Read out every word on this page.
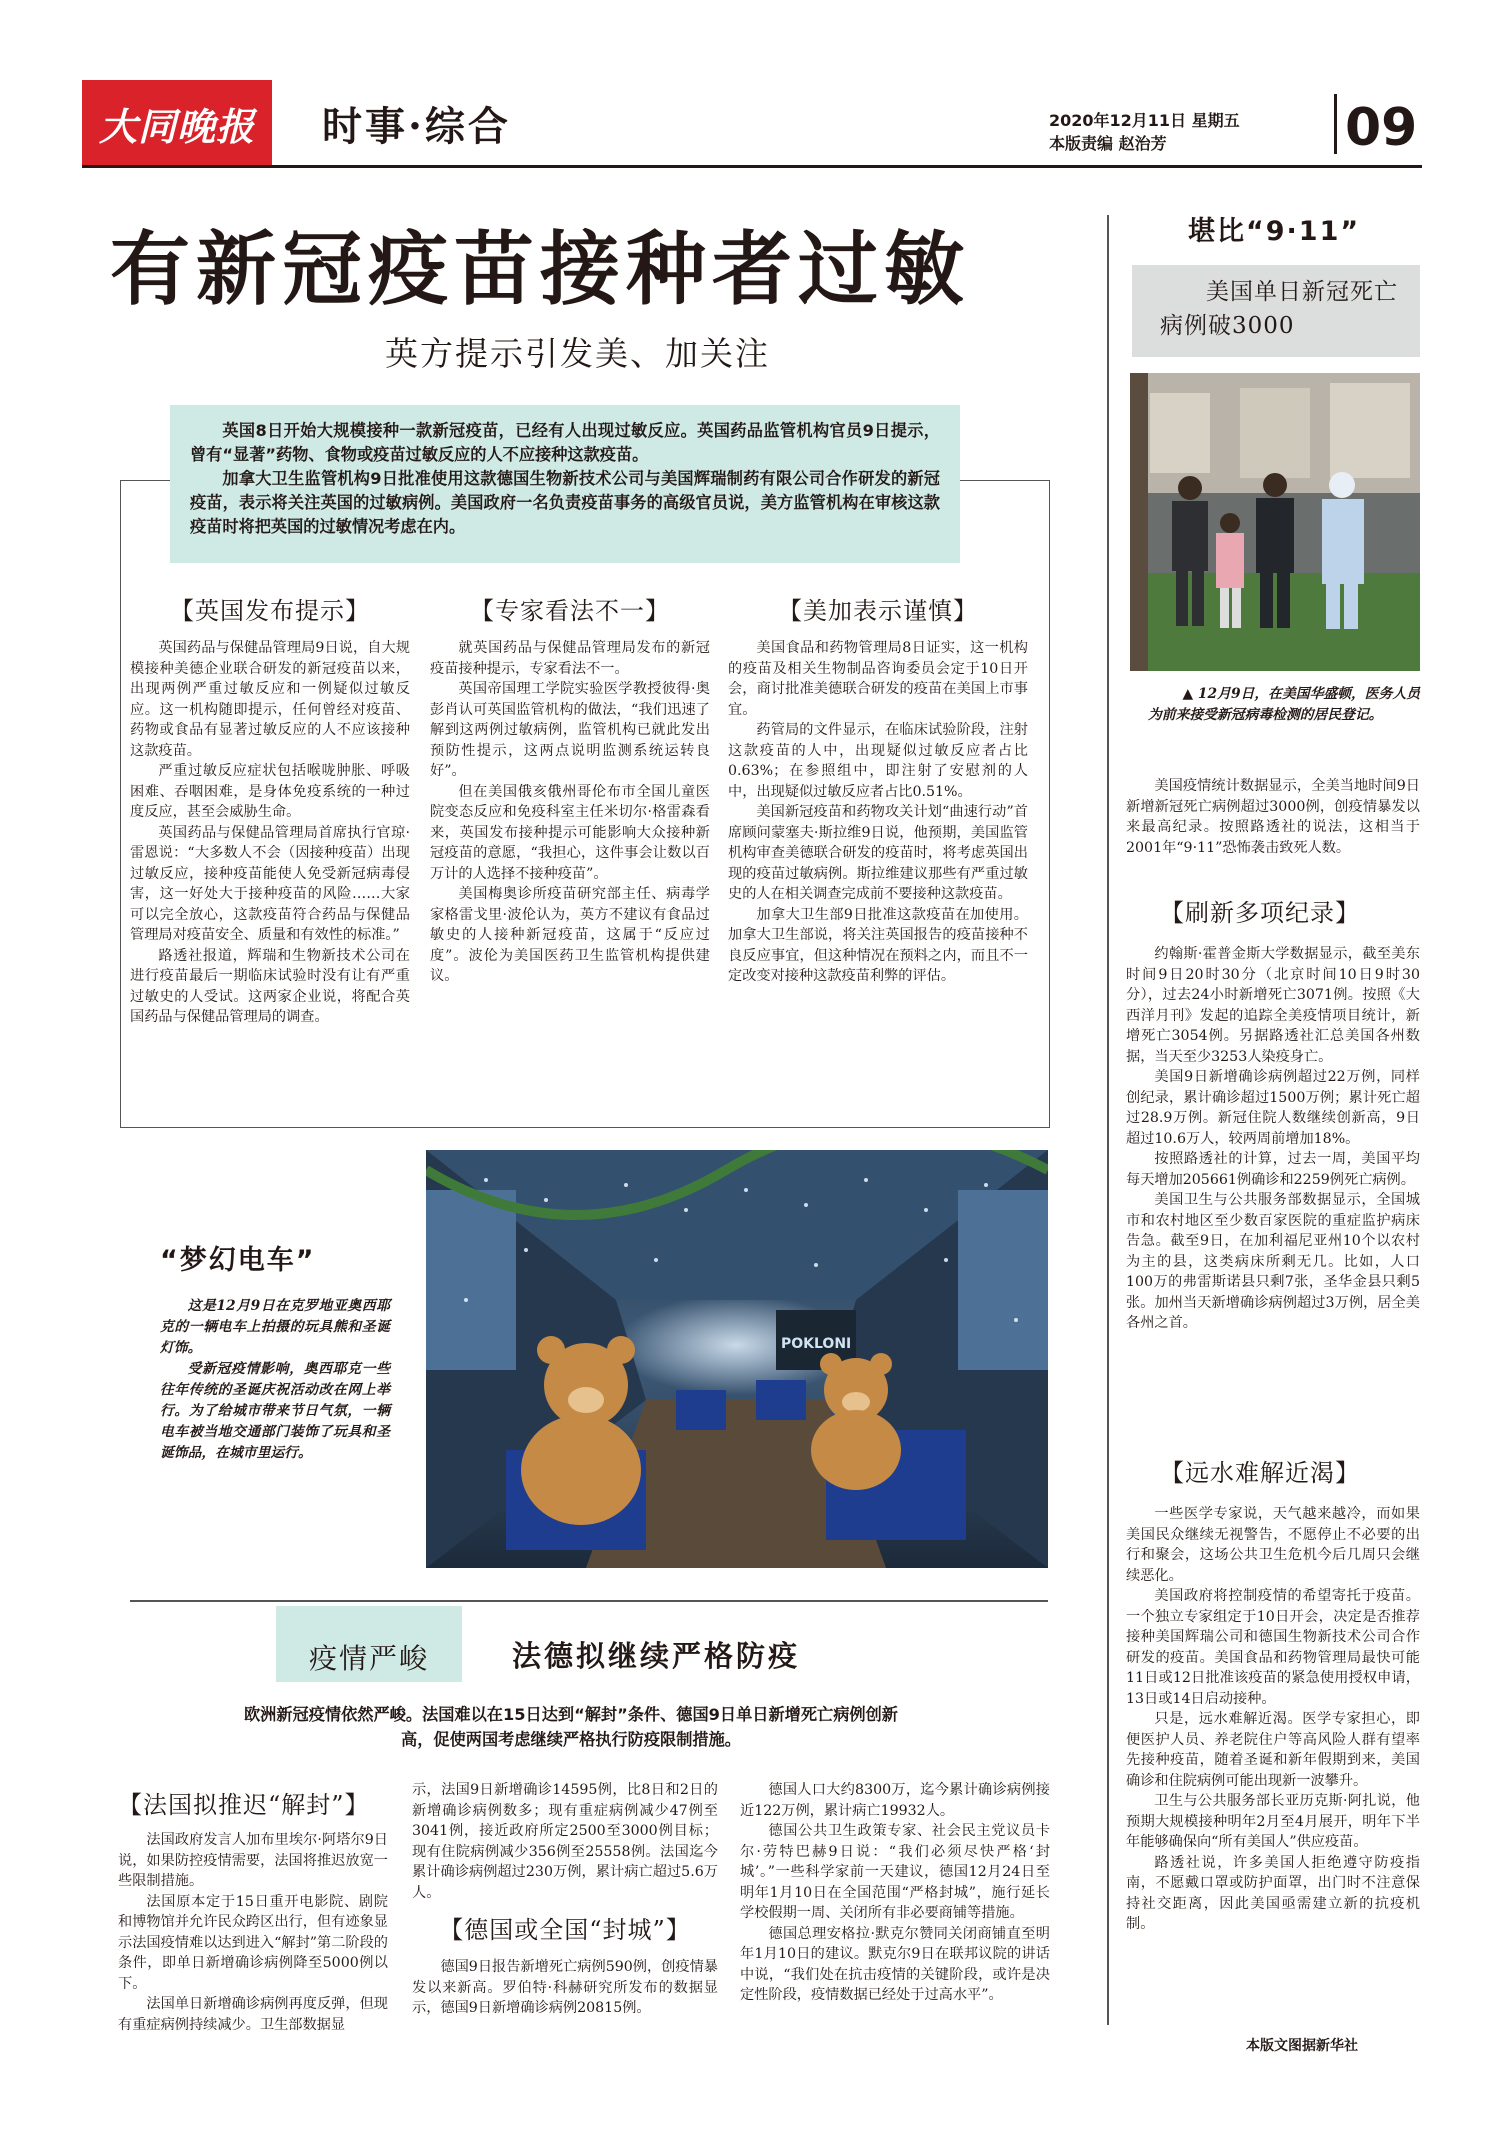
大同晚报 时事·综合	2020年12月11日 星期五
本版责编 赵治芳	09
有新冠疫苗接种者过敏
英方提示引发美、加关注

英国8日开始大规模接种一款新冠疫苗，已经有人出现过敏反应。英国药品监管机构官员9日提示，曾有“显著”药物、食物或疫苗过敏反应的人不应接种这款疫苗。

加拿大卫生监管机构9日批准使用这款德国生物新技术公司与美国辉瑞制药有限公司合作研发的新冠疫苗，表示将关注英国的过敏病例。美国政府一名负责疫苗事务的高级官员说，美方监管机构在审核这款疫苗时将把英国的过敏情况考虑在内。

【英国发布提示】

英国药品与保健品管理局9日说，自大规模接种美德企业联合研发的新冠疫苗以来，出现两例严重过敏反应和一例疑似过敏反应。这一机构随即提示，任何曾经对疫苗、药物或食品有显著过敏反应的人不应该接种这款疫苗。

严重过敏反应症状包括喉咙肿胀、呼吸困难、吞咽困难，是身体免疫系统的一种过度反应，甚至会威胁生命。

英国药品与保健品管理局首席执行官琼·雷恩说：“大多数人不会（因接种疫苗）出现过敏反应，接种疫苗能使人免受新冠病毒侵害，这一好处大于接种疫苗的风险……大家可以完全放心，这款疫苗符合药品与保健品管理局对疫苗安全、质量和有效性的标准。”

路透社报道，辉瑞和生物新技术公司在进行疫苗最后一期临床试验时没有让有严重过敏史的人受试。这两家企业说，将配合英国药品与保健品管理局的调查。

【专家看法不一】

就英国药品与保健品管理局发布的新冠疫苗接种提示，专家看法不一。

英国帝国理工学院实验医学教授彼得·奥彭肖认可英国监管机构的做法，“我们迅速了解到这两例过敏病例，监管机构已就此发出预防性提示，这两点说明监测系统运转良好”。

但在美国俄亥俄州哥伦布市全国儿童医院变态反应和免疫科室主任米切尔·格雷森看来，英国发布接种提示可能影响大众接种新冠疫苗的意愿，“我担心，这件事会让数以百万计的人选择不接种疫苗”。

美国梅奥诊所疫苗研究部主任、病毒学家格雷戈里·波伦认为，英方不建议有食品过敏史的人接种新冠疫苗，这属于“反应过度”。波伦为美国医药卫生监管机构提供建议。

【美加表示谨慎】

美国食品和药物管理局8日证实，这一机构的疫苗及相关生物制品咨询委员会定于10日开会，商讨批准美德联合研发的疫苗在美国上市事宜。

药管局的文件显示，在临床试验阶段，注射这款疫苗的人中，出现疑似过敏反应者占比0.63%；在参照组中，即注射了安慰剂的人中，出现疑似过敏反应者占比0.51%。

美国新冠疫苗和药物攻关计划“曲速行动”首席顾问蒙塞夫·斯拉维9日说，他预期，美国监管机构审查美德联合研发的疫苗时，将考虑英国出现的疫苗过敏病例。斯拉维建议那些有严重过敏史的人在相关调查完成前不要接种这款疫苗。

加拿大卫生部9日批准这款疫苗在加使用。加拿大卫生部说，将关注英国报告的疫苗接种不良反应事宜，但这种情况在预料之内，而且不一定改变对接种这款疫苗利弊的评估。

“梦幻电车”

这是12月9日在克罗地亚奥西耶克的一辆电车上拍摄的玩具熊和圣诞灯饰。

受新冠疫情影响，奥西耶克一些往年传统的圣诞庆祝活动改在网上举行。为了给城市带来节日气氛，一辆电车被当地交通部门装饰了玩具和圣诞饰品，在城市里运行。

POKLONI
疫情严峻	法德拟继续严格防疫
欧洲新冠疫情依然严峻。法国难以在15日达到“解封”条件、德国9日单日新增死亡病例创新高，促使两国考虑继续严格执行防疫限制措施。
【法国拟推迟“解封”】

法国政府发言人加布里埃尔·阿塔尔9日说，如果防控疫情需要，法国将推迟放宽一些限制措施。

法国原本定于15日重开电影院、剧院和博物馆并允许民众跨区出行，但有迹象显示法国疫情难以达到进入“解封”第二阶段的条件，即单日新增确诊病例降至5000例以下。

法国单日新增确诊病例再度反弹，但现有重症病例持续减少。卫生部数据显

示，法国9日新增确诊14595例，比8日和2日的新增确诊病例数多；现有重症病例减少47例至3041例，接近政府所定2500至3000例目标；现有住院病例减少356例至25558例。法国迄今累计确诊病例超过230万例，累计病亡超过5.6万人。

【德国或全国“封城”】

德国9日报告新增死亡病例590例，创疫情暴发以来新高。罗伯特·科赫研究所发布的数据显示，德国9日新增确诊病例20815例。

德国人口大约8300万，迄今累计确诊病例接近122万例，累计病亡19932人。

德国公共卫生政策专家、社会民主党议员卡尔·劳特巴赫9日说：“我们必须尽快严格‘封城’。”一些科学家前一天建议，德国12月24日至明年1月10日在全国范围“严格封城”，施行延长学校假期一周、关闭所有非必要商铺等措施。

德国总理安格拉·默克尔赞同关闭商铺直至明年1月10日的建议。默克尔9日在联邦议院的讲话中说，“我们处在抗击疫情的关键阶段，或许是决定性阶段，疫情数据已经处于过高水平”。

堪比“9·11”
美国单日新冠死亡病例破3000
▲ 12月9日，在美国华盛顿，医务人员为前来接受新冠病毒检测的居民登记。
美国疫情统计数据显示，全美当地时间9日新增新冠死亡病例超过3000例，创疫情暴发以来最高纪录。按照路透社的说法，这相当于2001年“9·11”恐怖袭击致死人数。
【刷新多项纪录】

约翰斯·霍普金斯大学数据显示，截至美东时间9日20时30分（北京时间10日9时30分），过去24小时新增死亡3071例。按照《大西洋月刊》发起的追踪全美疫情项目统计，新增死亡3054例。另据路透社汇总美国各州数据，当天至少3253人染疫身亡。

美国9日新增确诊病例超过22万例，同样创纪录，累计确诊超过1500万例；累计死亡超过28.9万例。新冠住院人数继续创新高，9日超过10.6万人，较两周前增加18%。

按照路透社的计算，过去一周，美国平均每天增加205661例确诊和2259例死亡病例。

美国卫生与公共服务部数据显示，全国城市和农村地区至少数百家医院的重症监护病床告急。截至9日，在加利福尼亚州10个以农村为主的县，这类病床所剩无几。比如，人口100万的弗雷斯诺县只剩7张，圣华金县只剩5张。加州当天新增确诊病例超过3万例，居全美各州之首。

【远水难解近渴】

一些医学专家说，天气越来越冷，而如果美国民众继续无视警告，不愿停止不必要的出行和聚会，这场公共卫生危机今后几周只会继续恶化。

美国政府将控制疫情的希望寄托于疫苗。一个独立专家组定于10日开会，决定是否推荐接种美国辉瑞公司和德国生物新技术公司合作研发的疫苗。美国食品和药物管理局最快可能11日或12日批准该疫苗的紧急使用授权申请，13日或14日启动接种。

只是，远水难解近渴。医学专家担心，即便医护人员、养老院住户等高风险人群有望率先接种疫苗，随着圣诞和新年假期到来，美国确诊和住院病例可能出现新一波攀升。

卫生与公共服务部长亚历克斯·阿扎说，他预期大规模接种明年2月至4月展开，明年下半年能够确保向“所有美国人”供应疫苗。

路透社说，许多美国人拒绝遵守防疫指南，不愿戴口罩或防护面罩，出门时不注意保持社交距离，因此美国亟需建立新的抗疫机制。

本版文图据新华社
